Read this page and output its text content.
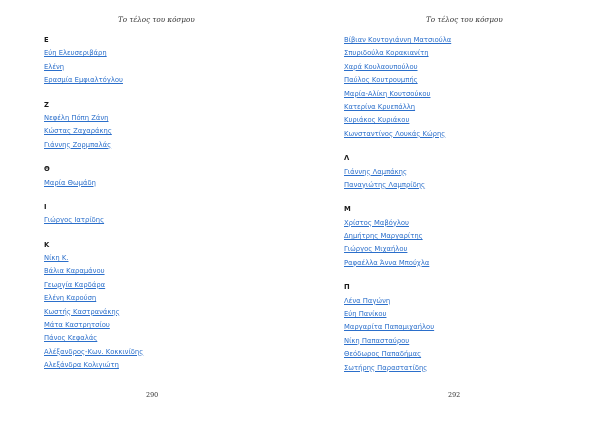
Το τέλος του κόσμου
Ε
Εύη Ελευσεριβάρη
Ελένη
Ερασμία Εμφιαλτόγλου
Ζ
Νεφέλη Πόπη Ζάνη
Κώστας Ζαχαράκης
Γιάννης Ζορμπαλάς
Θ
Μαρία Θωμάδη
Ι
Γιώργος Ιατρίδης
Κ
Νίκη Κ.
Βάλια Καραμάνου
Γεωργία Καρδάρα
Ελένη Καρούση
Κωστής Καστρανάκης
Μάτα Καστρητσίου
Πάνος Κεφαλάς
Αλέξανδρος-Κων. Κοκκινίδης
Αλεξάνδρα Κολιγιώτη
290
Το τέλος του κόσμου
Βίβιαν Κοντογιάννη Ματσιούλα
Σπυριδούλα Κορακιανίτη
Χαρά Κουλαουπούλου
Παύλος Κουτρουμπής
Μαρία-Αλίκη Κουτσούκου
Κατερίνα Κρυεπάλλη
Κυριάκος Κυριάκου
Κωνσταντίνος Λουκάς Κώρης
Λ
Γιάννης Λαμπάκης
Παναγιώτης Λαμπρίδης
Μ
Χρίστος Μαβόγλου
Δημήτρης Μαργαρίτης
Γιώργος Μιχαήλου
Ραφαέλλα Άννα Μπούχλα
Π
Λένα Παγώνη
Εύη Πανίκου
Μαργαρίτα Παπαμιχαήλου
Νίκη Παπασταύρου
Θεόδωρος Παπαδήμας
Σωτήρης Παραστατίδης
292
